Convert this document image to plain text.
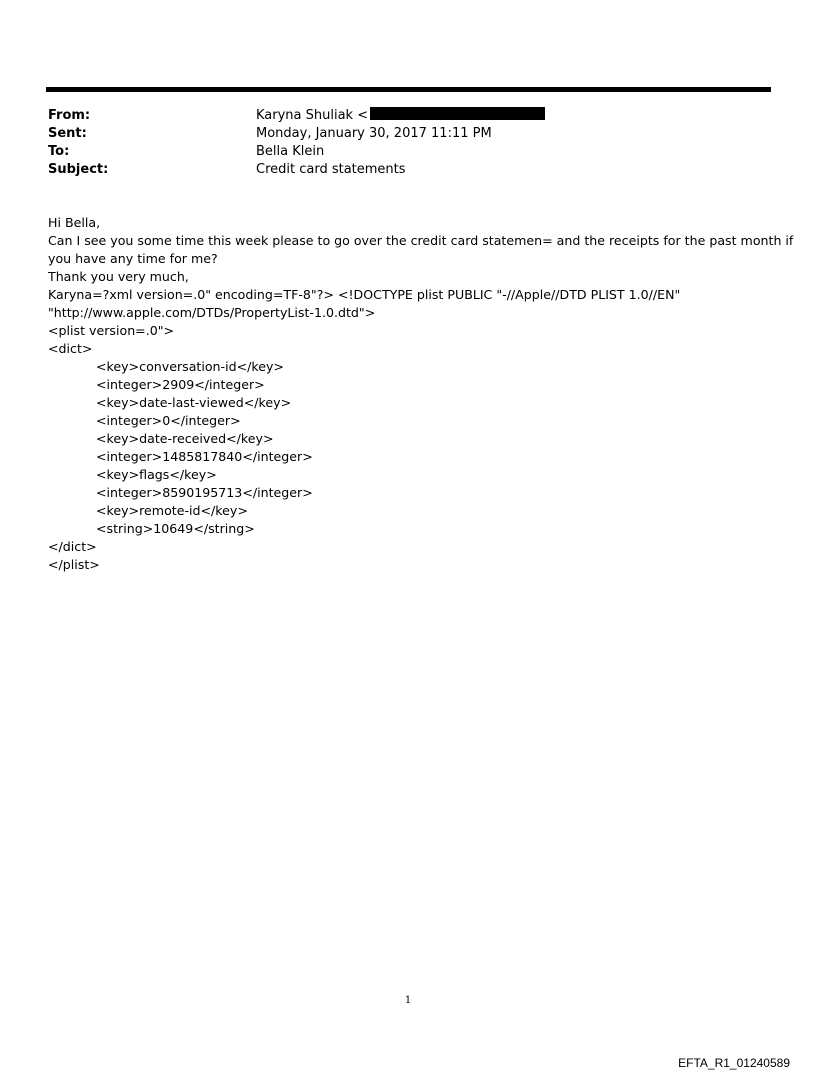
From:	Karyna Shuliak <
Sent:	Monday, January 30, 2017 11:11 PM
To:	Bella Klein
Subject:	Credit card statements
Hi Bella,
Can I see you some time this week please to go over the credit card statemen= and the receipts for the past month if
you have any time for me?
Thank you very much,
Karyna=?xml version=.0" encoding=TF-8"?> <!DOCTYPE plist PUBLIC "-//Apple//DTD PLIST 1.0//EN"
"http://www.apple.com/DTDs/PropertyList-1.0.dtd">
<plist version=.0">
<dict>
<key>conversation-id</key>
<integer>2909</integer>
<key>date-last-viewed</key>
<integer>0</integer>
<key>date-received</key>
<integer>1485817840</integer>
<key>flags</key>
<integer>8590195713</integer>
<key>remote-id</key>
<string>10649</string>
</dict>
</plist>
1
EFTA_R1_01240589
